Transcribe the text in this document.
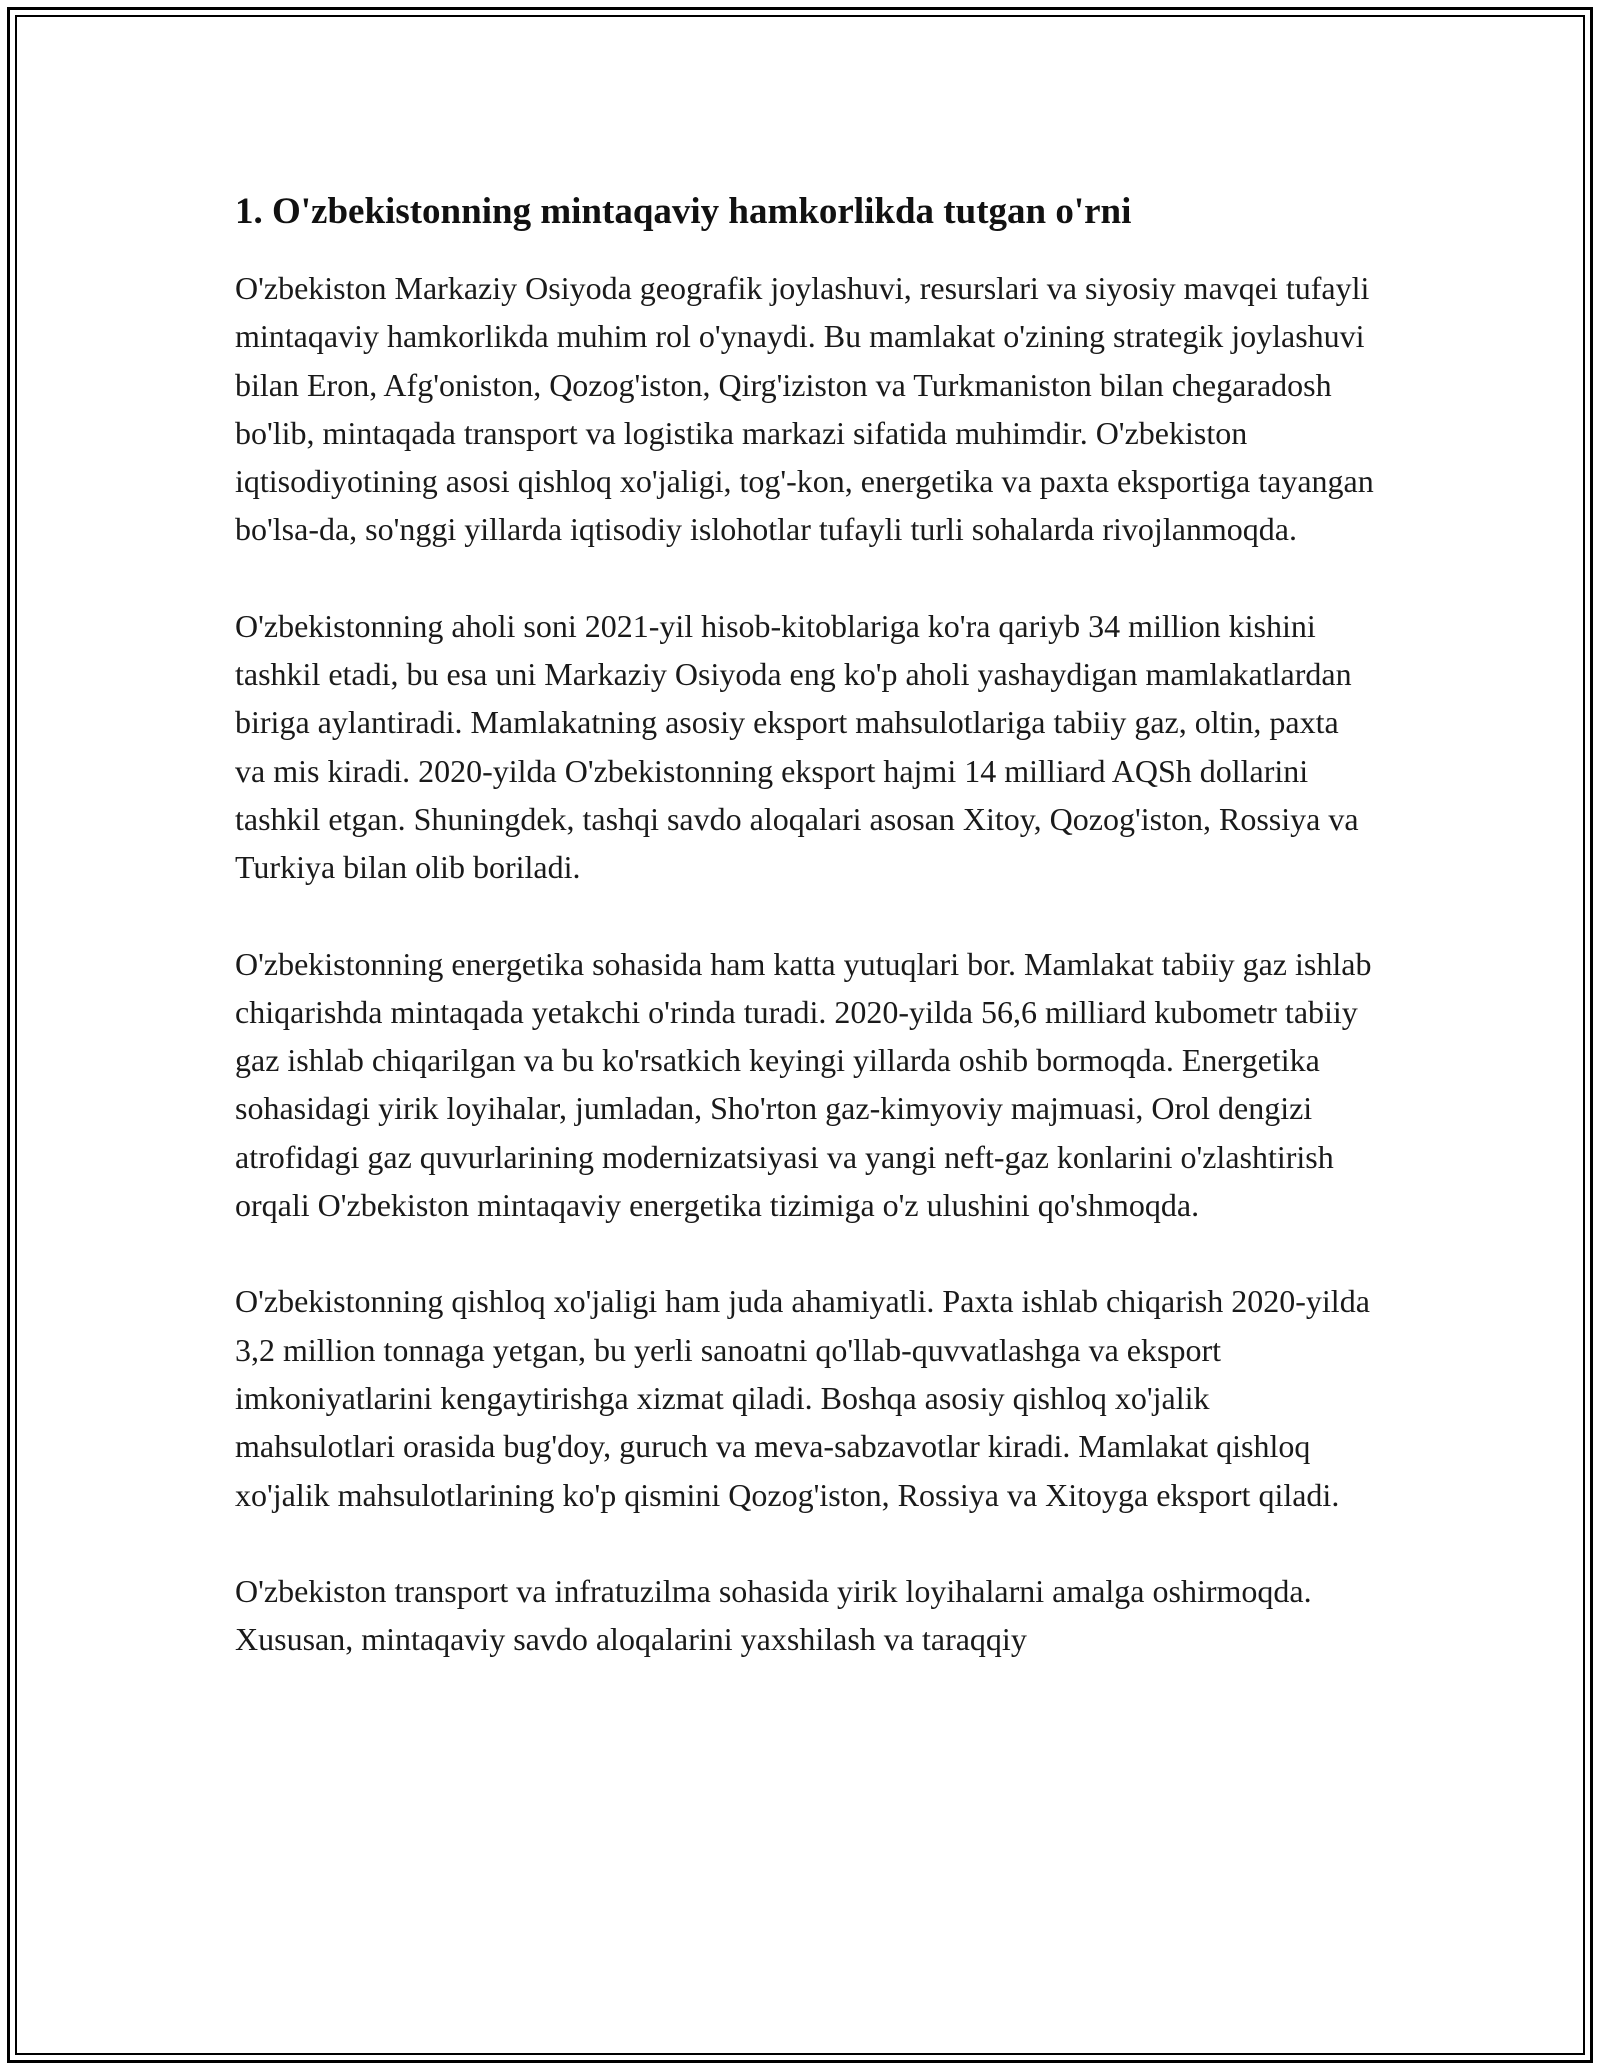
1. O'zbekistonning mintaqaviy hamkorlikda tutgan o'rni

O'zbekiston Markaziy Osiyoda geografik joylashuvi, resurslari va siyosiy mavqei tufayli mintaqaviy hamkorlikda muhim rol o'ynaydi. Bu mamlakat o'zining strategik joylashuvi bilan Eron, Afg'oniston, Qozog'iston, Qirg'iziston va Turkmaniston bilan chegaradosh bo'lib, mintaqada transport va logistika markazi sifatida muhimdir. O'zbekiston iqtisodiyotining asosi qishloq xo'jaligi, tog'-kon, energetika va paxta eksportiga tayangan bo'lsa-da, so'nggi yillarda iqtisodiy islohotlar tufayli turli sohalarda rivojlanmoqda.

O'zbekistonning aholi soni 2021-yil hisob-kitoblariga ko'ra qariyb 34 million kishini tashkil etadi, bu esa uni Markaziy Osiyoda eng ko'p aholi yashaydigan mamlakatlardan biriga aylantiradi. Mamlakatning asosiy eksport mahsulotlariga tabiiy gaz, oltin, paxta va mis kiradi. 2020-yilda O'zbekistonning eksport hajmi 14 milliard AQSh dollarini tashkil etgan. Shuningdek, tashqi savdo aloqalari asosan Xitoy, Qozog'iston, Rossiya va Turkiya bilan olib boriladi.

O'zbekistonning energetika sohasida ham katta yutuqlari bor. Mamlakat tabiiy gaz ishlab chiqarishda mintaqada yetakchi o'rinda turadi. 2020-yilda 56,6 milliard kubometr tabiiy gaz ishlab chiqarilgan va bu ko'rsatkich keyingi yillarda oshib bormoqda. Energetika sohasidagi yirik loyihalar, jumladan, Sho'rton gaz-kimyoviy majmuasi, Orol dengizi atrofidagi gaz quvurlarining modernizatsiyasi va yangi neft-gaz konlarini o'zlashtirish orqali O'zbekiston mintaqaviy energetika tizimiga o'z ulushini qo'shmoqda.

O'zbekistonning qishloq xo'jaligi ham juda ahamiyatli. Paxta ishlab chiqarish 2020-yilda 3,2 million tonnaga yetgan, bu yerli sanoatni qo'llab-quvvatlashga va eksport imkoniyatlarini kengaytirishga xizmat qiladi. Boshqa asosiy qishloq xo'jalik mahsulotlari orasida bug'doy, guruch va meva-sabzavotlar kiradi. Mamlakat qishloq xo'jalik mahsulotlarining ko'p qismini Qozog'iston, Rossiya va Xitoyga eksport qiladi.

O'zbekiston transport va infratuzilma sohasida yirik loyihalarni amalga oshirmoqda. Xususan, mintaqaviy savdo aloqalarini yaxshilash va taraqqiy
